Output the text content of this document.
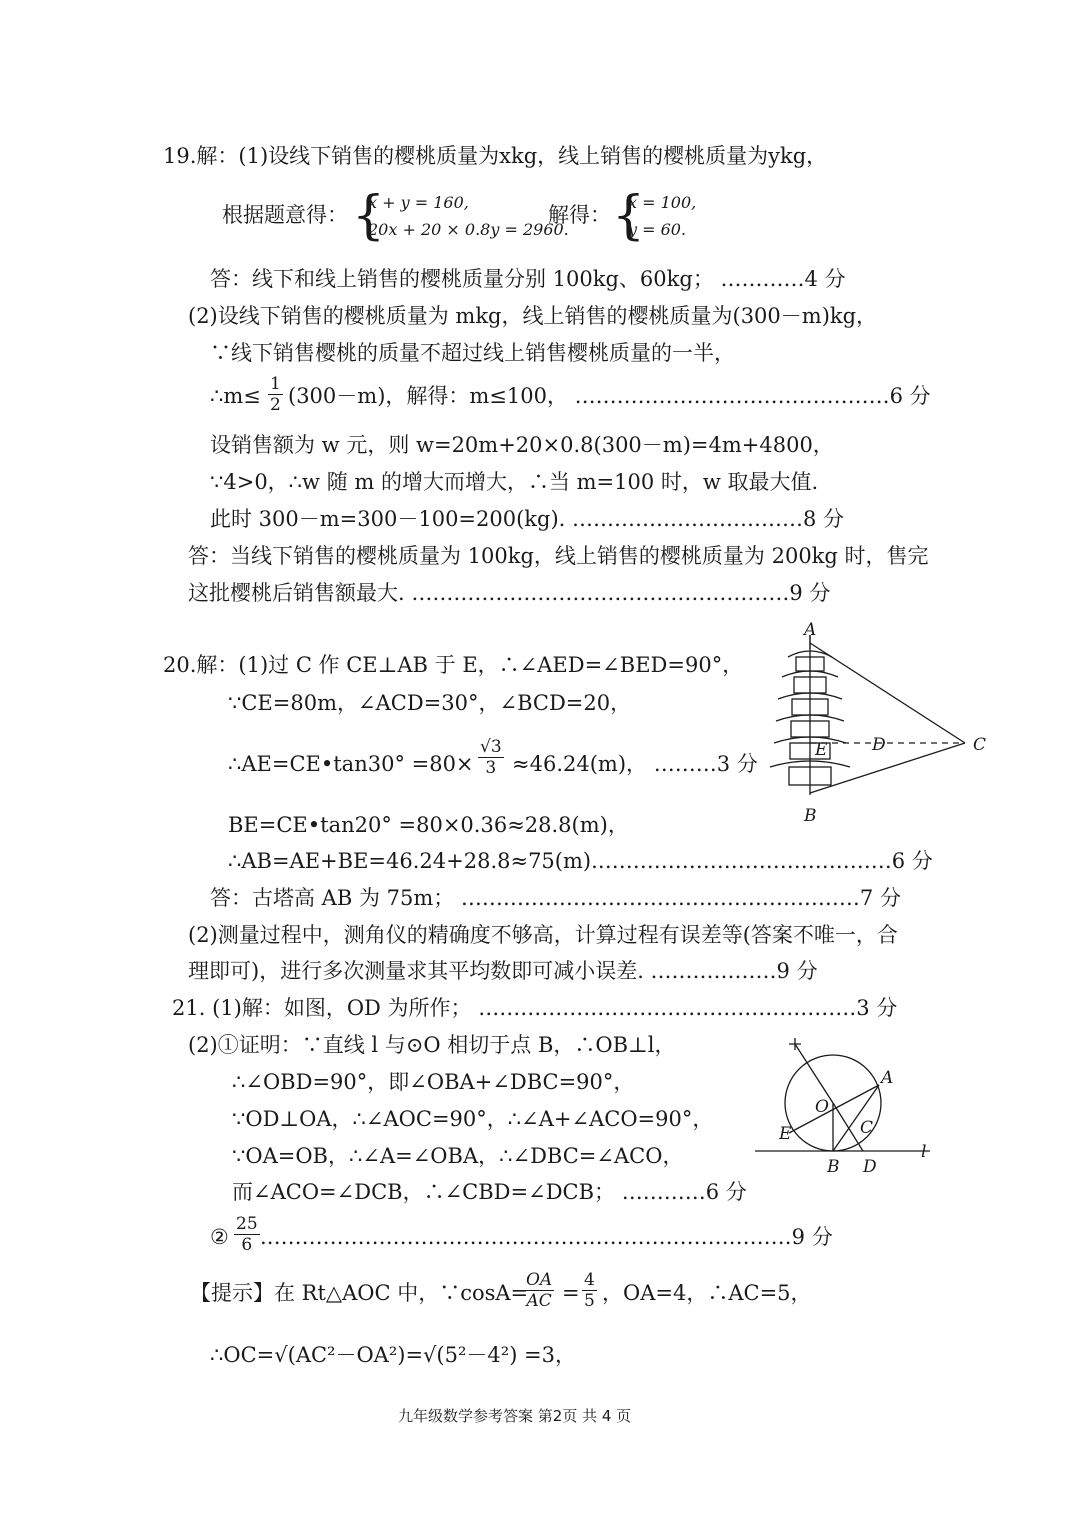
19.解：(1)设线下销售的樱桃质量为xkg，线上销售的樱桃质量为ykg，
根据题意得： {
x + y = 160,
20x + 20 × 0.8y = 2960.
解得： {
x = 100,
y = 60.
答：线下和线上销售的樱桃质量分别 100kg、60kg； …………4 分
(2)设线下销售的樱桃质量为 mkg，线上销售的樱桃质量为(300－m)kg，
∵线下销售樱桃的质量不超过线上销售樱桃质量的一半，
∴m≤ $\frac{1}{2} (300-m)$，解得：m≤100， ………………………………………6 分
设销售额为 w 元，则 w=20m+20×0.8(300－m)=4m+4800，
∵4>0，∴w 随 m 的增大而增大，∴当 m=100 时，w 取最大值.
此时 300－m=300－100=200(kg). ……………………………8 分
答：当线下销售的樱桃质量为 100kg，线上销售的樱桃质量为 200kg 时，售完
这批樱桃后销售额最大. ………………………………………………9 分
20.解：(1)过 C 作 CE⊥AB 于 E，∴∠AED=∠BED=90°，
∵CE=80m，∠ACD=30°，∠BCD=20，
∴AE=CE•tan30° $=80\times \frac{√3}{3} \approx 46.24(m)$， ………3 分
BE=CE•tan20° =80×0.36≈28.8(m)，
∴AB=AE+BE=46.24+28.8≈75(m).……………………………………6 分
答：古塔高 AB 为 75m； …………………………………………………7 分
(2)测量过程中，测角仪的精确度不够高，计算过程有误差等(答案不唯一，合
理即可)，进行多次测量求其平均数即可减小误差. ………………9 分
A
B
C
D
E
21. (1)解：如图，OD 为所作； ………………………………………………3 分
(2)①证明：∵直线 l 与⊙O 相切于点 B，∴OB⊥l，
∴∠OBD=90°，即∠OBA+∠DBC=90°，
∵OD⊥OA，∴∠AOC=90°，∴∠A+∠ACO=90°，
∵OA=OB，∴∠A=∠OBA，∴∠DBC=∠ACO，
而∠ACO=∠DCB，∴∠CBD=∠DCB； …………6 分
② $\frac{25}{6}$ .…………………………………………………………………9 分
【提示】在 Rt△AOC 中，∵cosA=
$\frac{OA}{AC} = \frac{4}{5}$ ，OA=4，∴AC=5，
∴OC=√(AC²－OA²)=√(5²－4²) =3，
A
B
C
D
E
O
l
九年级数学参考答案 第2页 共 4 页
